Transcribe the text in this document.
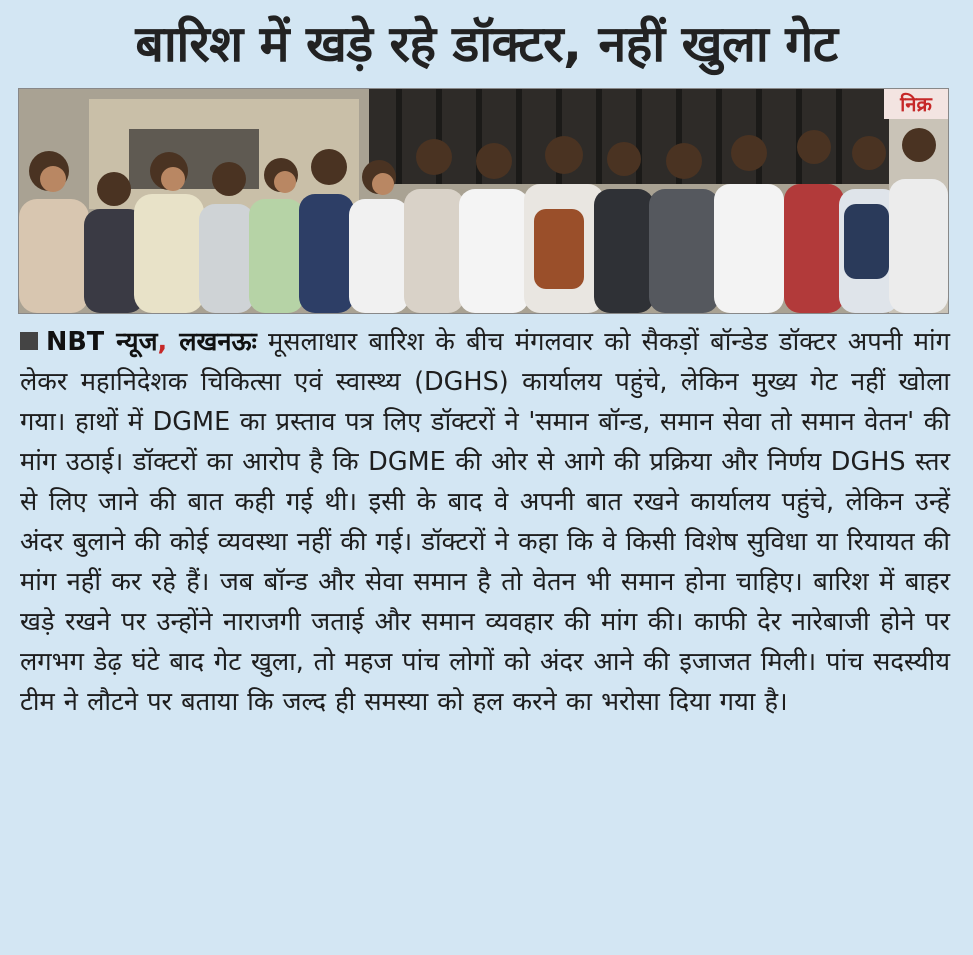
बारिश में खड़े रहे डॉक्टर, नहीं खुला गेट
निक्र
NBT न्यूज, लखनऊः मूसलाधार बारिश के बीच मंगलवार को सैकड़ों बॉन्डेड डॉक्टर अपनी मांग लेकर महानिदेशक चिकित्सा एवं स्वास्थ्य (DGHS) कार्यालय पहुंचे, लेकिन मुख्य गेट नहीं खोला गया। हाथों में DGME का प्रस्ताव पत्र लिए डॉक्टरों ने 'समान बॉन्ड, समान सेवा तो समान वेतन' की मांग उठाई। डॉक्टरों का आरोप है कि DGME की ओर से आगे की प्रक्रिया और निर्णय DGHS स्तर से लिए जाने की बात कही गई थी। इसी के बाद वे अपनी बात रखने कार्यालय पहुंचे, लेकिन उन्हें अंदर बुलाने की कोई व्यवस्था नहीं की गई। डॉक्टरों ने कहा कि वे किसी विशेष सुविधा या रियायत की मांग नहीं कर रहे हैं। जब बॉन्ड और सेवा समान है तो वेतन भी समान होना चाहिए। बारिश में बाहर खड़े रखने पर उन्होंने नाराजगी जताई और समान व्यवहार की मांग की। काफी देर नारेबाजी होने पर लगभग डेढ़ घंटे बाद गेट खुला, तो महज पांच लोगों को अंदर आने की इजाजत मिली। पांच सदस्यीय टीम ने लौटने पर बताया कि जल्द ही समस्या को हल करने का भरोसा दिया गया है।
